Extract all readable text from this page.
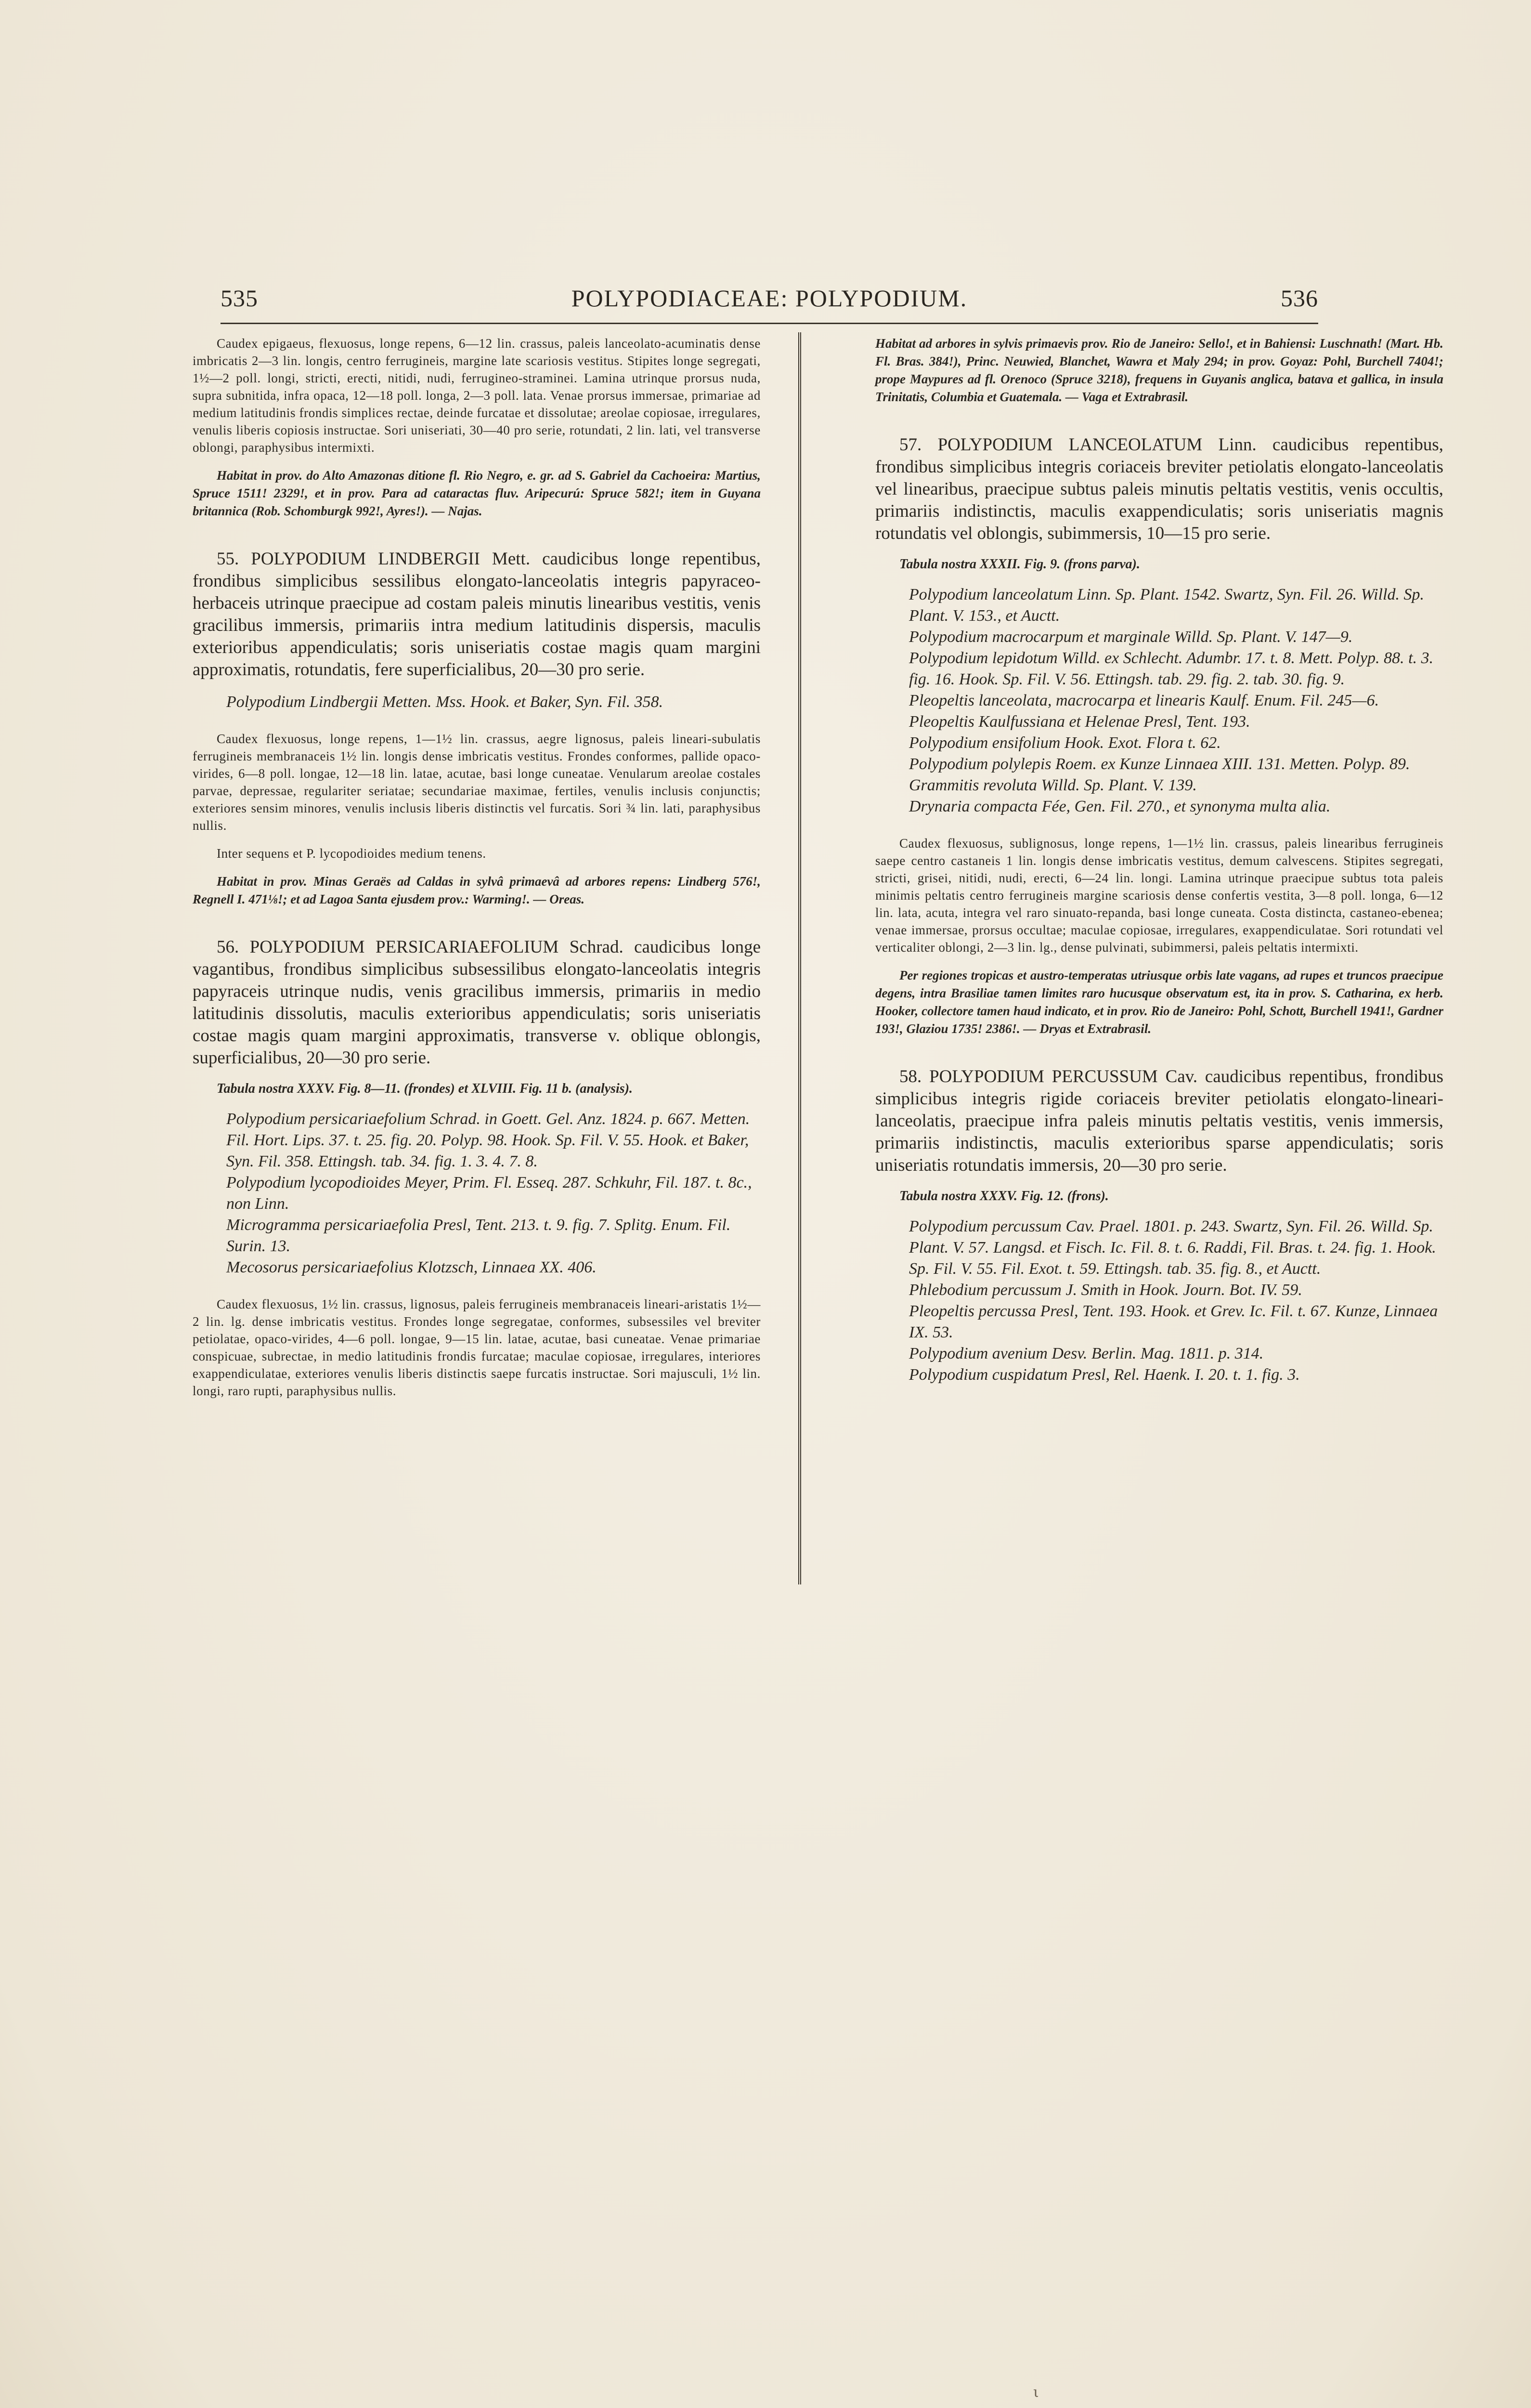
535	POLYPODIACEAE: POLYPODIUM.	536

Caudex epigaeus, flexuosus, longe repens, 6—12 lin. crassus, paleis lanceolato-acuminatis dense imbricatis 2—3 lin. longis, centro ferrugineis, margine late scariosis vestitus. Stipites longe segregati, 1½—2 poll. longi, stricti, erecti, nitidi, nudi, ferrugineo-straminei. Lamina utrinque prorsus nuda, supra subnitida, infra opaca, 12—18 poll. longa, 2—3 poll. lata. Venae prorsus immersae, primariae ad medium latitudinis frondis simplices rectae, deinde furcatae et dissolutae; areolae copiosae, irregulares, venulis liberis copiosis instructae. Sori uniseriati, 30—40 pro serie, rotundati, 2 lin. lati, vel transverse oblongi, paraphysibus intermixti.

Habitat in prov. do Alto Amazonas ditione fl. Rio Negro, e. gr. ad S. Gabriel da Cachoeira: Martius, Spruce 1511! 2329!, et in prov. Para ad cataractas fluv. Aripecurú: Spruce 582!; item in Guyana britannica (Rob. Schomburgk 992!, Ayres!). — Najas.

55. POLYPODIUM LINDBERGII Mett. caudicibus longe repentibus, frondibus simplicibus sessilibus elongato-lanceolatis integris papyraceo-herbaceis utrinque praecipue ad costam paleis minutis linearibus vestitis, venis gracilibus immersis, primariis intra medium latitudinis dispersis, maculis exterioribus appendiculatis; soris uniseriatis costae magis quam margini approximatis, rotundatis, fere superficialibus, 20—30 pro serie.

Polypodium Lindbergii Metten. Mss. Hook. et Baker, Syn. Fil. 358.

Caudex flexuosus, longe repens, 1—1½ lin. crassus, aegre lignosus, paleis lineari-subulatis ferrugineis membranaceis 1½ lin. longis dense imbricatis vestitus. Frondes conformes, pallide opaco-virides, 6—8 poll. longae, 12—18 lin. latae, acutae, basi longe cuneatae. Venularum areolae costales parvae, depressae, regulariter seriatae; secundariae maximae, fertiles, venulis inclusis conjunctis; exteriores sensim minores, venulis inclusis liberis distinctis vel furcatis. Sori ¾ lin. lati, paraphysibus nullis.

Inter sequens et P. lycopodioides medium tenens.

Habitat in prov. Minas Geraës ad Caldas in sylvâ primaevâ ad arbores repens: Lindberg 576!, Regnell I. 471⅛!; et ad Lagoa Santa ejusdem prov.: Warming!. — Oreas.

56. POLYPODIUM PERSICARIAEFOLIUM Schrad. caudicibus longe vagantibus, frondibus simplicibus subsessilibus elongato-lanceolatis integris papyraceis utrinque nudis, venis gracilibus immersis, primariis in medio latitudinis dissolutis, maculis exterioribus appendiculatis; soris uniseriatis costae magis quam margini approximatis, transverse v. oblique oblongis, superficialibus, 20—30 pro serie.

Tabula nostra XXXV. Fig. 8—11. (frondes) et XLVIII. Fig. 11 b. (analysis).

Polypodium persicariaefolium Schrad. in Goett. Gel. Anz. 1824. p. 667. Metten. Fil. Hort. Lips. 37. t. 25. fig. 20. Polyp. 98. Hook. Sp. Fil. V. 55. Hook. et Baker, Syn. Fil. 358. Ettingsh. tab. 34. fig. 1. 3. 4. 7. 8.

Polypodium lycopodioides Meyer, Prim. Fl. Esseq. 287. Schkuhr, Fil. 187. t. 8c., non Linn.

Microgramma persicariaefolia Presl, Tent. 213. t. 9. fig. 7. Splitg. Enum. Fil. Surin. 13.

Mecosorus persicariaefolius Klotzsch, Linnaea XX. 406.

Caudex flexuosus, 1½ lin. crassus, lignosus, paleis ferrugineis membranaceis lineari-aristatis 1½—2 lin. lg. dense imbricatis vestitus. Frondes longe segregatae, conformes, subsessiles vel breviter petiolatae, opaco-virides, 4—6 poll. longae, 9—15 lin. latae, acutae, basi cuneatae. Venae primariae conspicuae, subrectae, in medio latitudinis frondis furcatae; maculae copiosae, irregulares, interiores exappendiculatae, exteriores venulis liberis distinctis saepe furcatis instructae. Sori majusculi, 1½ lin. longi, raro rupti, paraphysibus nullis.

Habitat ad arbores in sylvis primaevis prov. Rio de Janeiro: Sello!, et in Bahiensi: Luschnath! (Mart. Hb. Fl. Bras. 384!), Princ. Neuwied, Blanchet, Wawra et Maly 294; in prov. Goyaz: Pohl, Burchell 7404!; prope Maypures ad fl. Orenoco (Spruce 3218), frequens in Guyanis anglica, batava et gallica, in insula Trinitatis, Columbia et Guatemala. — Vaga et Extrabrasil.

57. POLYPODIUM LANCEOLATUM Linn. caudicibus repentibus, frondibus simplicibus integris coriaceis breviter petiolatis elongato-lanceolatis vel linearibus, praecipue subtus paleis minutis peltatis vestitis, venis occultis, primariis indistinctis, maculis exappendiculatis; soris uniseriatis magnis rotundatis vel oblongis, subimmersis, 10—15 pro serie.

Tabula nostra XXXII. Fig. 9. (frons parva).

Polypodium lanceolatum Linn. Sp. Plant. 1542. Swartz, Syn. Fil. 26. Willd. Sp. Plant. V. 153., et Auctt.

Polypodium macrocarpum et marginale Willd. Sp. Plant. V. 147—9.

Polypodium lepidotum Willd. ex Schlecht. Adumbr. 17. t. 8. Mett. Polyp. 88. t. 3. fig. 16. Hook. Sp. Fil. V. 56. Ettingsh. tab. 29. fig. 2. tab. 30. fig. 9.

Pleopeltis lanceolata, macrocarpa et linearis Kaulf. Enum. Fil. 245—6.

Pleopeltis Kaulfussiana et Helenae Presl, Tent. 193.

Polypodium ensifolium Hook. Exot. Flora t. 62.

Polypodium polylepis Roem. ex Kunze Linnaea XIII. 131. Metten. Polyp. 89.

Grammitis revoluta Willd. Sp. Plant. V. 139.

Drynaria compacta Fée, Gen. Fil. 270., et synonyma multa alia.

Caudex flexuosus, sublignosus, longe repens, 1—1½ lin. crassus, paleis linearibus ferrugineis saepe centro castaneis 1 lin. longis dense imbricatis vestitus, demum calvescens. Stipites segregati, stricti, grisei, nitidi, nudi, erecti, 6—24 lin. longi. Lamina utrinque praecipue subtus tota paleis minimis peltatis centro ferrugineis margine scariosis dense confertis vestita, 3—8 poll. longa, 6—12 lin. lata, acuta, integra vel raro sinuato-repanda, basi longe cuneata. Costa distincta, castaneo-ebenea; venae immersae, prorsus occultae; maculae copiosae, irregulares, exappendiculatae. Sori rotundati vel verticaliter oblongi, 2—3 lin. lg., dense pulvinati, subimmersi, paleis peltatis intermixti.

Per regiones tropicas et austro-temperatas utriusque orbis late vagans, ad rupes et truncos praecipue degens, intra Brasiliae tamen limites raro hucusque observatum est, ita in prov. S. Catharina, ex herb. Hooker, collectore tamen haud indicato, et in prov. Rio de Janeiro: Pohl, Schott, Burchell 1941!, Gardner 193!, Glaziou 1735! 2386!. — Dryas et Extrabrasil.

58. POLYPODIUM PERCUSSUM Cav. caudicibus repentibus, frondibus simplicibus integris rigide coriaceis breviter petiolatis elongato-lineari-lanceolatis, praecipue infra paleis minutis peltatis vestitis, venis immersis, primariis indistinctis, maculis exterioribus sparse appendiculatis; soris uniseriatis rotundatis immersis, 20—30 pro serie.

Tabula nostra XXXV. Fig. 12. (frons).

Polypodium percussum Cav. Prael. 1801. p. 243. Swartz, Syn. Fil. 26. Willd. Sp. Plant. V. 57. Langsd. et Fisch. Ic. Fil. 8. t. 6. Raddi, Fil. Bras. t. 24. fig. 1. Hook. Sp. Fil. V. 55. Fil. Exot. t. 59. Ettingsh. tab. 35. fig. 8., et Auctt.

Phlebodium percussum J. Smith in Hook. Journ. Bot. IV. 59.

Pleopeltis percussa Presl, Tent. 193. Hook. et Grev. Ic. Fil. t. 67. Kunze, Linnaea IX. 53.

Polypodium avenium Desv. Berlin. Mag. 1811. p. 314.

Polypodium cuspidatum Presl, Rel. Haenk. I. 20. t. 1. fig. 3.

ι
